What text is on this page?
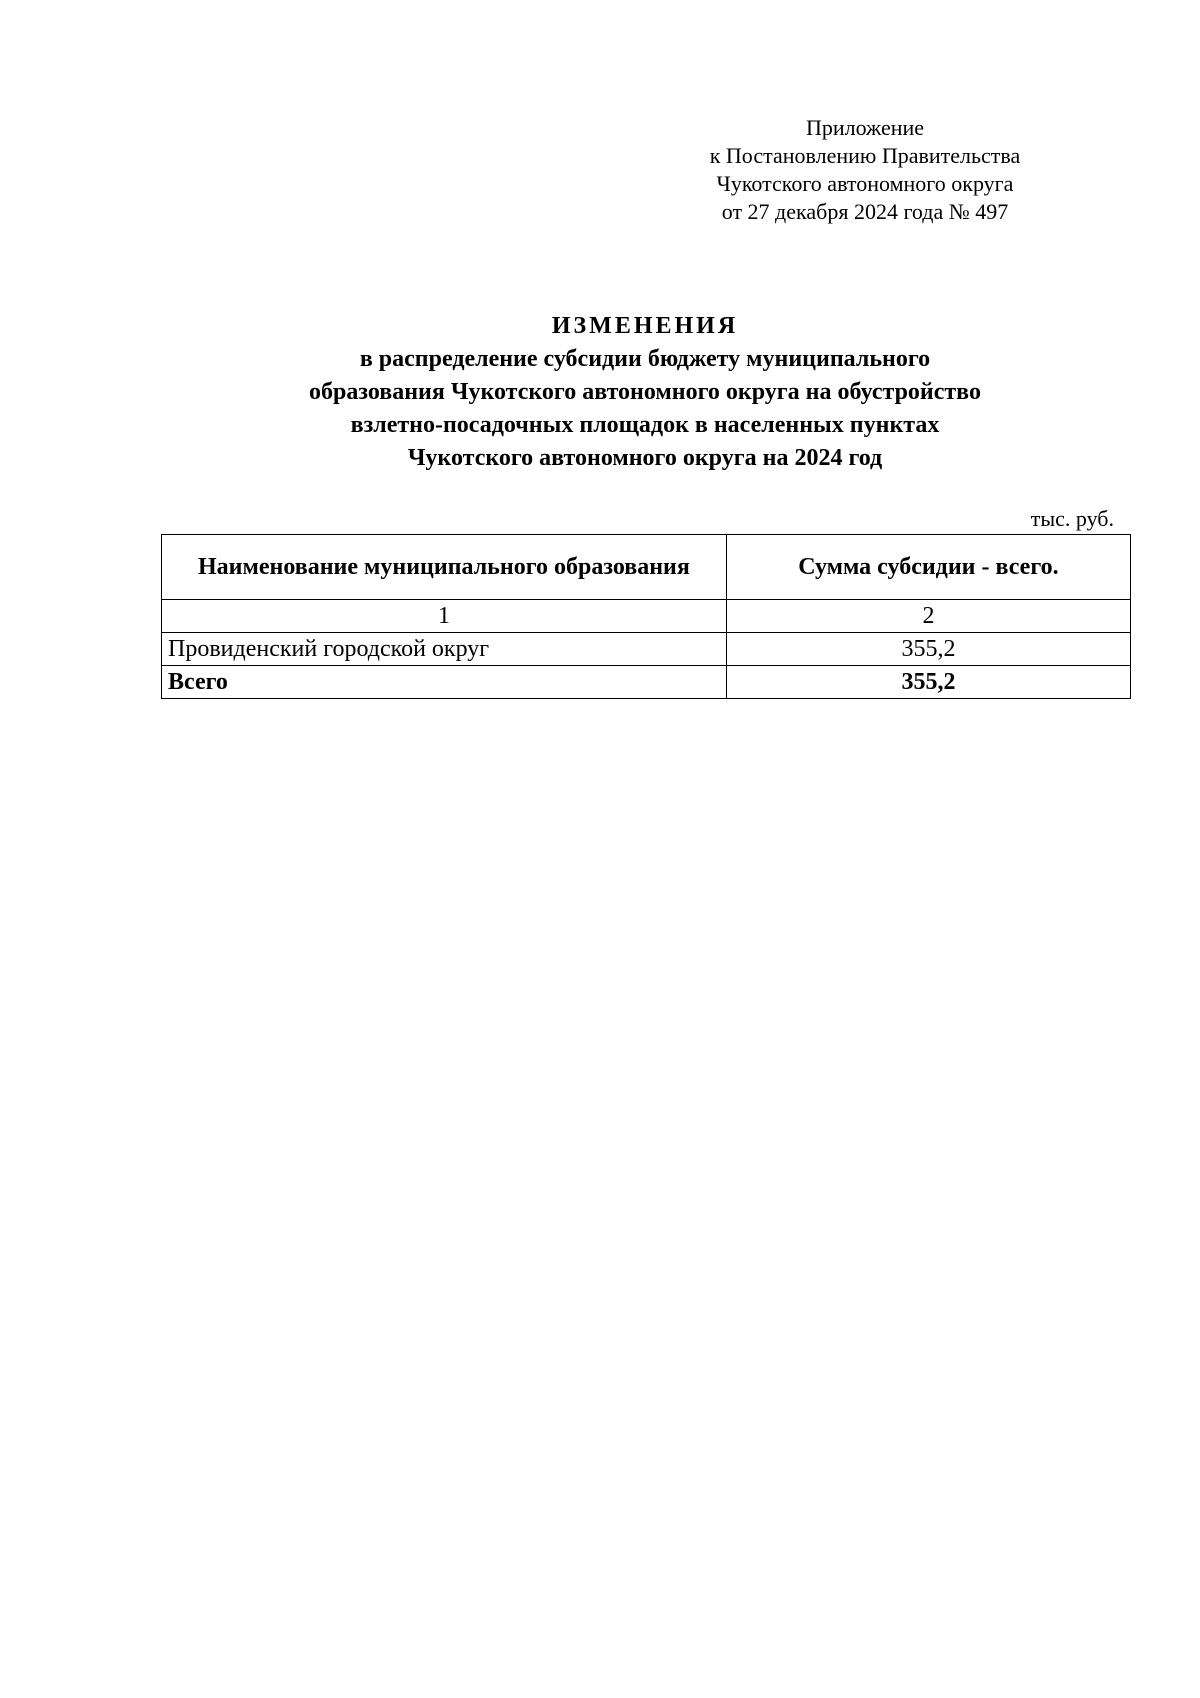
Приложение
к Постановлению Правительства
Чукотского автономного округа
от 27 декабря 2024 года № 497
ИЗМЕНЕНИЯ
в распределение субсидии бюджету муниципального
образования Чукотского автономного округа на обустройство
взлетно-посадочных площадок в населенных пунктах
Чукотского автономного округа на 2024 год
тыс. руб.
Наименование муниципального образования	Сумма субсидии - всего.
1	2
Провиденский городской округ	355,2
Всего	355,2
